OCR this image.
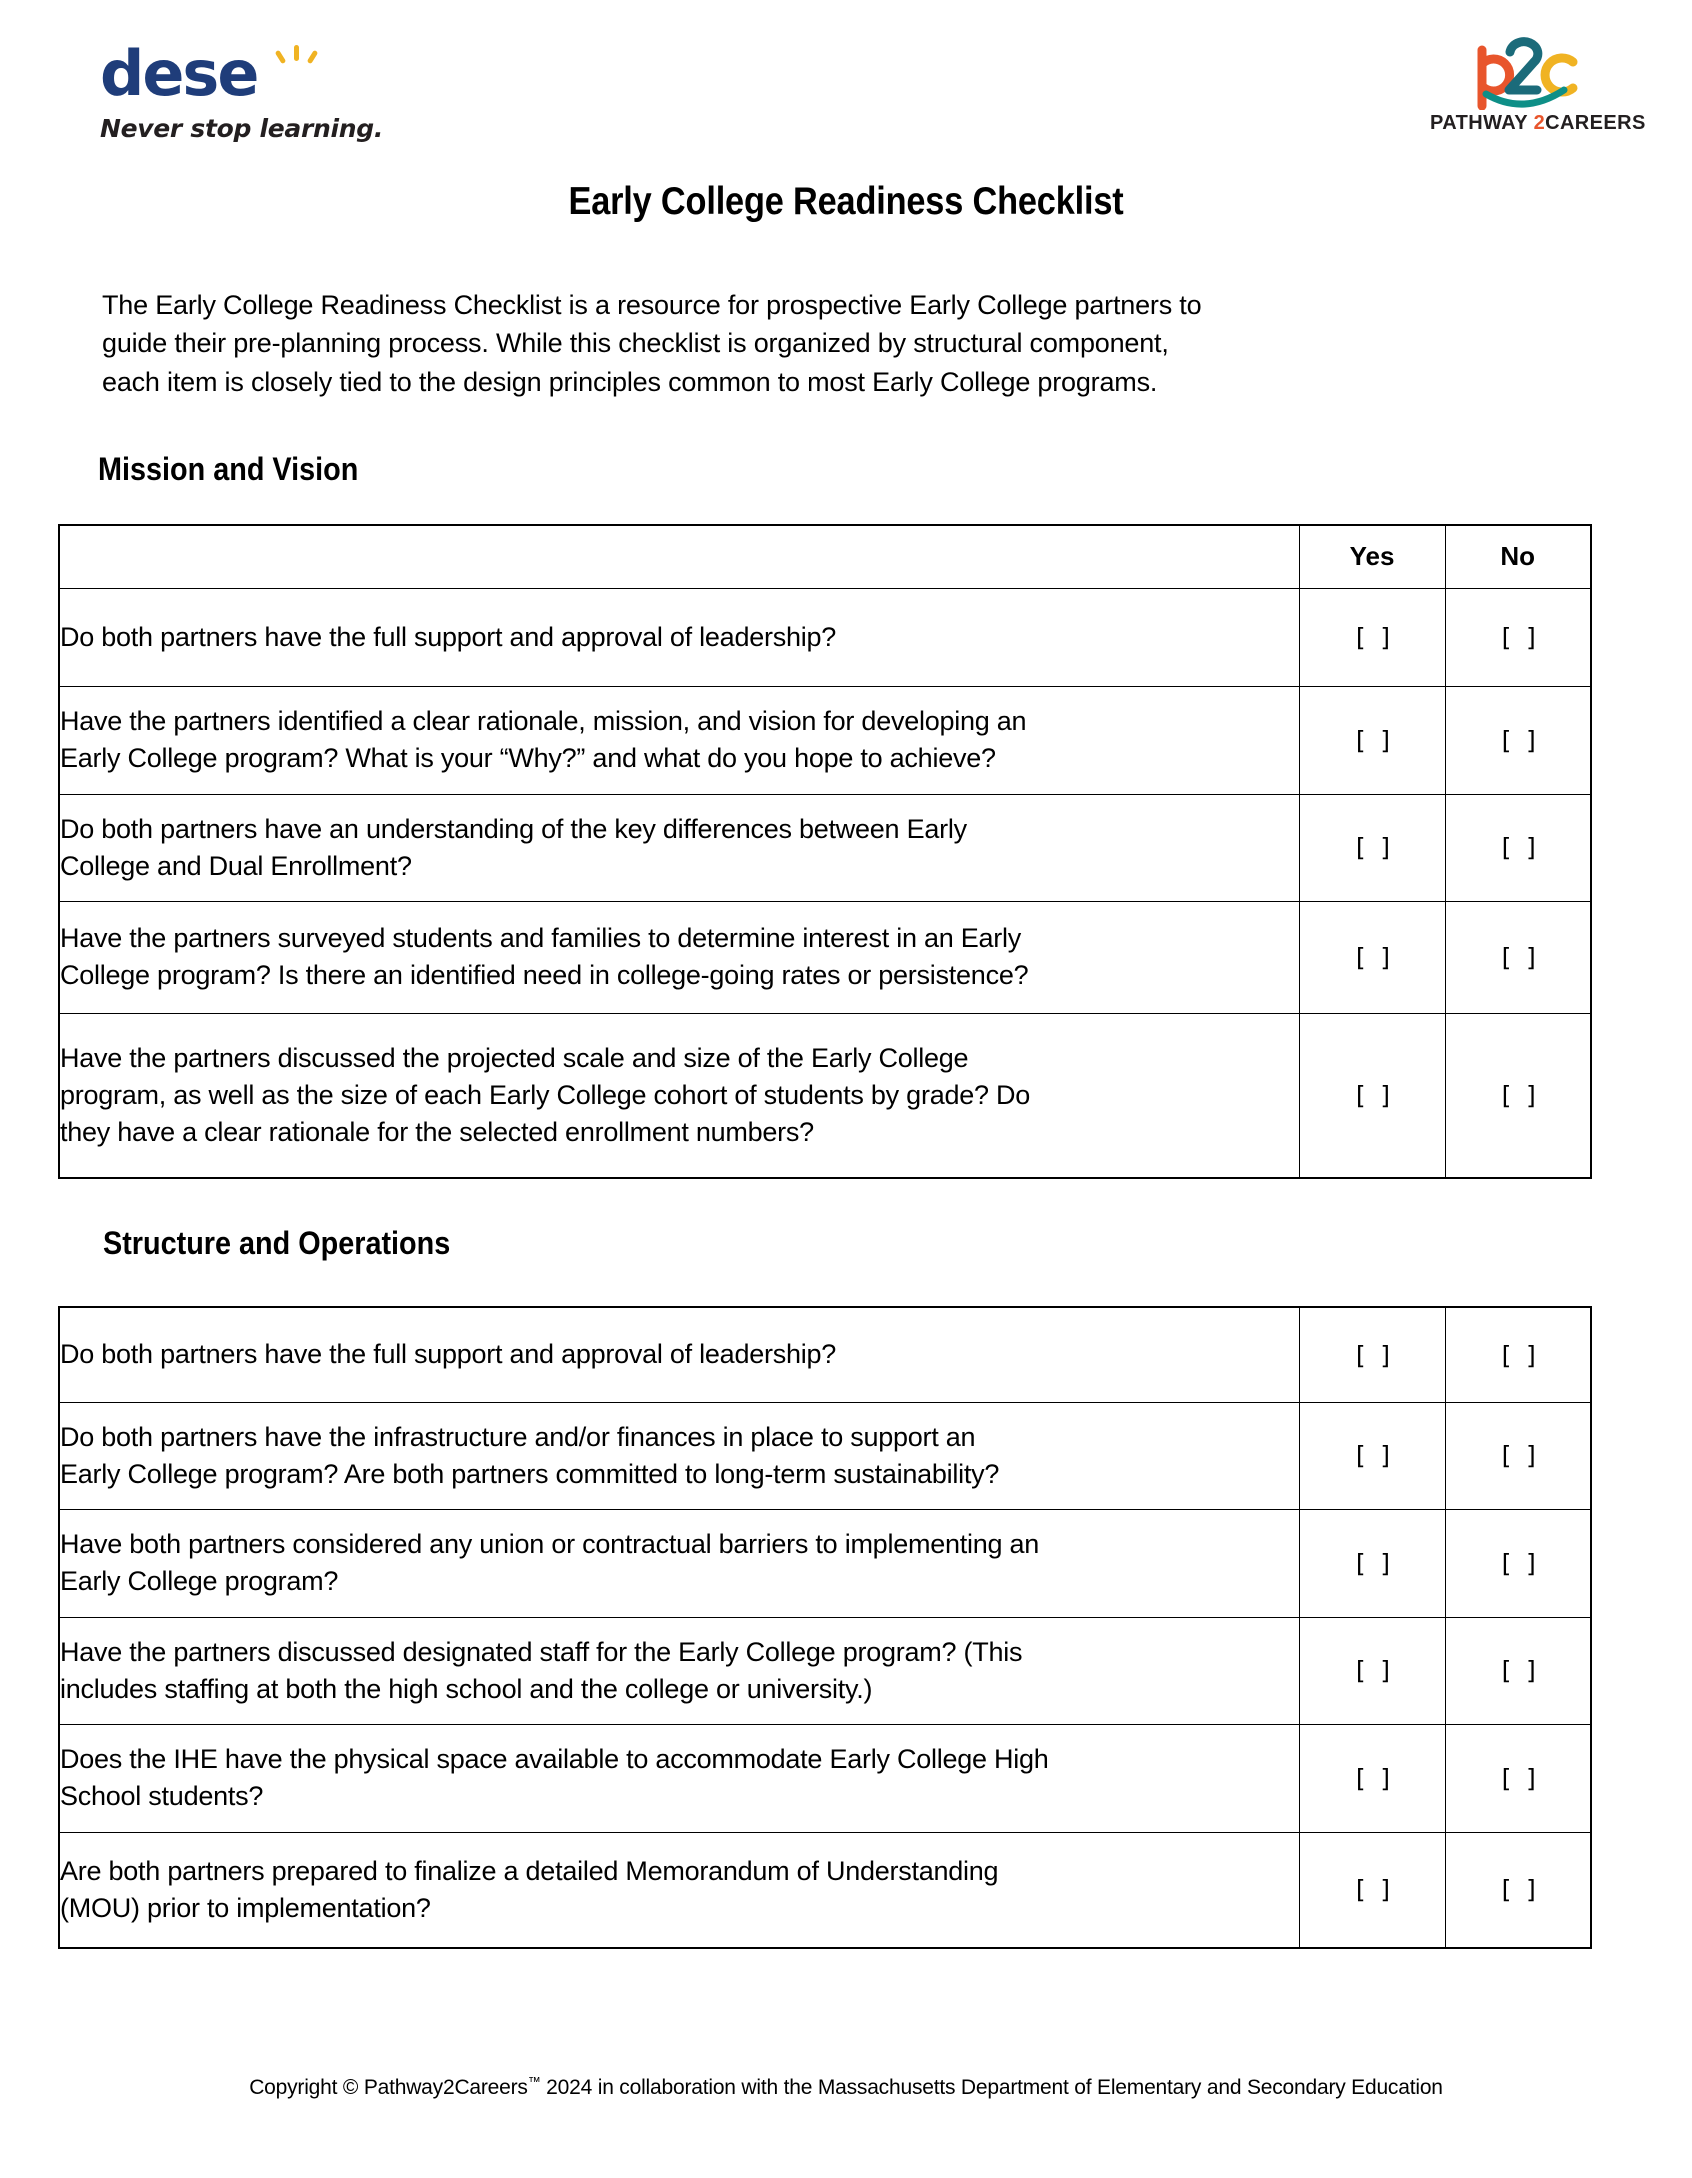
dese
Never stop learning.	PATHWAY 2CAREERS
Early College Readiness Checklist

The Early College Readiness Checklist is a resource for prospective Early College partners to

guide their pre-planning process. While this checklist is organized by structural component,

each item is closely tied to the design principles common to most Early College programs.

Mission and Vision
	Yes	No

Do both partners have the full support and approval of leadership?	[ ]	[ ]

Have the partners identified a clear rationale, mission, and vision for developing an
Early College program? What is your “Why?” and what do you hope to achieve?	[ ]	[ ]

Do both partners have an understanding of the key differences between Early
College and Dual Enrollment?	[ ]	[ ]

Have the partners surveyed students and families to determine interest in an Early
College program? Is there an identified need in college-going rates or persistence?	[ ]	[ ]

Have the partners discussed the projected scale and size of the Early College
program, as well as the size of each Early College cohort of students by grade? Do
they have a clear rationale for the selected enrollment numbers?	[ ]	[ ]
Structure and Operations
Do both partners have the full support and approval of leadership?	[ ]	[ ]

Do both partners have the infrastructure and/or finances in place to support an
Early College program? Are both partners committed to long-term sustainability?	[ ]	[ ]

Have both partners considered any union or contractual barriers to implementing an
Early College program?	[ ]	[ ]

Have the partners discussed designated staff for the Early College program? (This
includes staffing at both the high school and the college or university.)	[ ]	[ ]

Does the IHE have the physical space available to accommodate Early College High
School students?	[ ]	[ ]

Are both partners prepared to finalize a detailed Memorandum of Understanding
(MOU) prior to implementation?	[ ]	[ ]
Copyright © Pathway2Careers™ 2024 in collaboration with the Massachusetts Department of Elementary and Secondary Education
